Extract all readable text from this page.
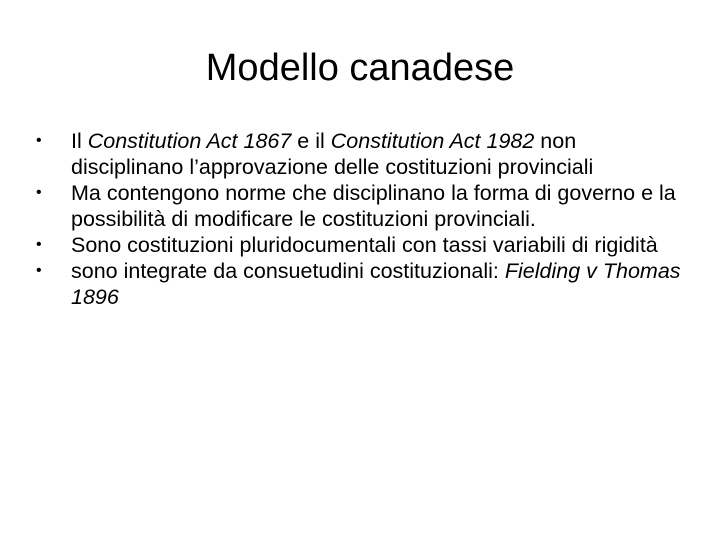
Modello canadese
•	Il Constitution Act 1867 e il Constitution Act 1982 non disciplinano l’approvazione delle costituzioni provinciali
•	Ma contengono norme che disciplinano la forma di governo e la possibilità di modificare le costituzioni provinciali.
•	Sono costituzioni pluridocumentali con tassi variabili di rigidità
•	sono integrate da consuetudini costituzionali: Fielding v Thomas 1896
